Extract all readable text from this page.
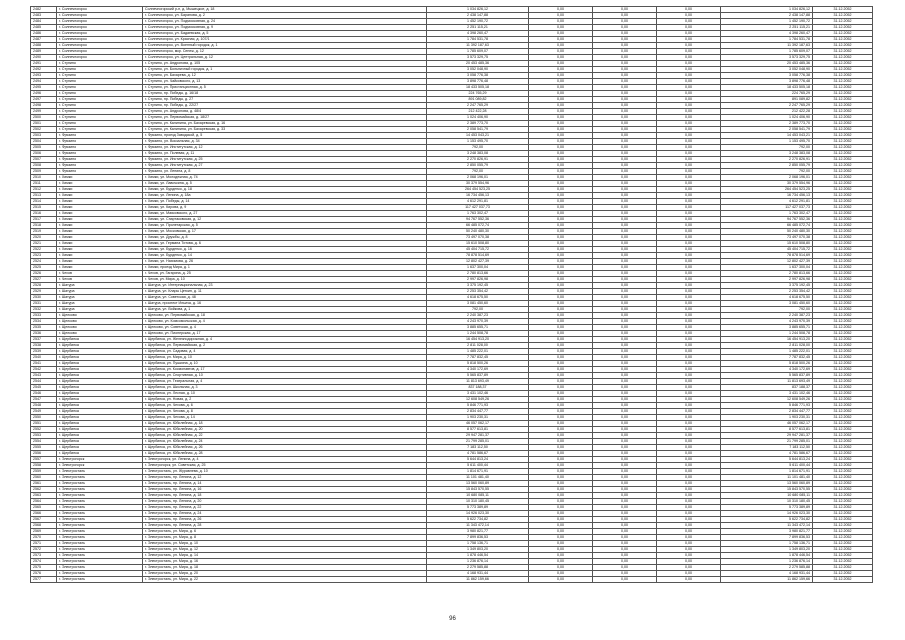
2482	г. Солнечногорск	Солнечногорский р-н, д. Мышецкое, д. 18	1 034 826,12	0,00	0,00	0,00	1 034 826,12	31.12.2052
2483	г. Солнечногорск	г. Солнечногорск, ул. Баранова, д. 2	2 438 147,88	0,00	0,00	0,00	2 438 147,88	31.12.2052
2484	г. Солнечногорск	г. Солнечногорск, ул. Подмосковная, д. 24	1 452 190,72	0,00	0,00	0,00	1 452 190,72	31.12.2052
2485	г. Солнечногорск	г. Солнечногорск, ул. Подмосковная, д. 9	2 251 115,21	0,00	0,00	0,00	2 251 115,21	31.12.2052
2486	г. Солнечногорск	г. Солнечногорск, ул. Бадаевская, д. 5	4 398 260,47	0,00	0,00	0,00	4 398 260,47	31.12.2052
2487	г. Солнечногорск	г. Солнечногорск, ул. Красная, д. 107/1	1 784 531,78	0,00	0,00	0,00	1 784 531,78	31.12.2052
2488	г. Солнечногорск	г. Солнечногорск, ул. Военный городок, д. 1	11 392 187,63	0,00	0,00	0,00	11 392 187,63	31.12.2052
2489	г. Солнечногорск	г. Солнечногорск, мкр. Сенеж, д. 12	1 785 609,07	0,00	0,00	0,00	1 785 609,07	31.12.2052
2490	г. Солнечногорск	г. Солнечногорск, ул. Центральная, д. 12	3 573 329,75	0,00	0,00	0,00	3 573 329,75	31.12.2052
2491	г. Ступино	г. Ступино, ул. Андропова, д. 105	20 453 485,36	0,00	0,00	0,00	20 453 485,36	31.12.2052
2492	г. Ступино	г. Ступино, ул. Больничный городок, д. 1	3 052 048,90	0,00	0,00	0,00	3 052 048,90	31.12.2052
2493	г. Ступино	г. Ступино, ул. Бахарева, д. 12	3 058 776,38	0,00	0,00	0,00	3 058 776,38	31.12.2052
2494	г. Ступино	г. Ступино, ул. Чайковского, д. 13	3 898 776,48	0,00	0,00	0,00	3 898 776,48	31.12.2052
2495	г. Ступино	г. Ступино, ул. Пристанционная, д. 5	18 433 505,18	0,00	0,00	0,00	18 433 505,18	31.12.2052
2496	г. Ступино	г. Ступино, пр. Победы, д. 16/18	224 765,29	0,00	0,00	0,00	224 765,29	31.12.2052
2497	г. Ступино	г. Ступино, пр. Победы, д. 27	891 089,82	0,00	0,00	0,00	891 089,82	31.12.2052
2498	г. Ступино	г. Ступино, пр. Победы, д. 22/27	2 247 765,29	0,00	0,00	0,00	2 247 765,29	31.12.2052
2499	г. Ступино	г. Ступино, ул. Андропова, д. 48/4	212 422,28	0,00	0,00	0,00	212 422,28	31.12.2052
2500	г. Ступино	г. Ступино, ул. Первомайская, д. 18/27	1 024 406,90	0,00	0,00	0,00	1 024 406,90	31.12.2052
2501	г. Ступино	г. Ступино, ул. Калинина, ул. Бахаревская, д. 16	2 389 773,70	0,00	0,00	0,00	2 389 773,70	31.12.2052
2502	г. Ступино	г. Ступино, ул. Калинина, ул. Бахаревская, д. 33	2 058 541,79	0,00	0,00	0,00	2 058 541,79	31.12.2052
2503	г. Фрязино	г. Фрязино, проезд Заводской, д. 5	14 453 043,21	0,00	0,00	0,00	14 453 043,21	31.12.2052
2504	г. Фрязино	г. Фрязино, ул. Вокзальная, д. 34	1 153 495,70	0,00	0,00	0,00	1 153 495,70	31.12.2052
2505	г. Фрязино	г. Фрязино, ул. Институтская, д. 12	792,00	0,00	0,00	0,00	792,00	31.12.2052
2506	г. Фрязино	г. Фрязино, ул. Полевая, д. 11	3 248 383,08	0,00	0,00	0,00	3 248 383,08	31.12.2052
2507	г. Фрязино	г. Фрязино, ул. Институтская, д. 25	2 270 826,91	0,00	0,00	0,00	2 270 826,91	31.12.2052
2508	г. Фрязино	г. Фрязино, ул. Институтская, д. 27	2 850 055,79	0,00	0,00	0,00	2 850 055,79	31.12.2052
2509	г. Фрязино	г. Фрязино, ул. Ленина, д. 8	792,00	0,00	0,00	0,00	792,00	31.12.2052
2510	г. Химки	г. Химки, ул. Молодежная, д. 74	2 068 196,01	0,00	0,00	0,00	2 068 196,01	31.12.2052
2511	г. Химки	г. Химки, ул. Лавочкина, д. 5	30 379 554,96	0,00	0,00	0,00	30 379 554,96	31.12.2052
2512	г. Химки	г. Химки, ул. Бурденко, д. 18	264 454 523,25	0,00	0,00	0,00	264 454 523,25	31.12.2052
2513	г. Химки	г. Химки, ул. Ленина, д. 18а	16 734 456,13	0,00	0,00	0,00	16 734 456,13	31.12.2052
2514	г. Химки	г. Химки, ул. Победы, д. 14	4 612 291,81	0,00	0,00	0,00	4 612 291,81	31.12.2052
2515	г. Химки	г. Химки, ул. Кирова, д. 9	117 427 037,73	0,00	0,00	0,00	117 427 037,73	31.12.2052
2516	г. Химки	г. Химки, ул. Маяковского, д. 27	1 763 302,47	0,00	0,00	0,00	1 763 302,47	31.12.2052
2517	г. Химки	г. Химки, ул. Спартаковская, д. 12	94 767 552,36	0,00	0,00	0,00	94 767 552,36	31.12.2052
2518	г. Химки	г. Химки, ул. Пролетарская, д. 5	66 485 072,74	0,00	0,00	0,00	66 485 072,74	31.12.2052
2519	г. Химки	г. Химки, ул. Московская, д. 17	50 240 480,30	0,00	0,00	0,00	50 240 480,30	31.12.2052
2520	г. Химки	г. Химки, ул. Дружбы, д. 8	73 497 070,38	0,00	0,00	0,00	73 497 070,38	31.12.2052
2521	г. Химки	г. Химки, ул. Германа Титова, д. 6	15 610 508,80	0,00	0,00	0,00	15 610 508,80	31.12.2052
2522	г. Химки	г. Химки, ул. Бурденко, д. 16	45 404 715,72	0,00	0,00	0,00	45 404 715,72	31.12.2052
2523	г. Химки	г. Химки, ул. Бурденко, д. 14	78 878 514,69	0,00	0,00	0,00	78 878 514,69	31.12.2052
2524	г. Химки	г. Химки, ул. Нахимова, д. 26	12 802 427,39	0,00	0,00	0,00	12 802 427,39	31.12.2052
2525	г. Химки	г. Химки, проезд Мира, д. 1	1 637 300,04	0,00	0,00	0,00	1 637 300,04	31.12.2052
2526	г. Чехов	г. Чехов, ул. Гагарина, д. 25	2 780 813,66	0,00	0,00	0,00	2 780 813,66	31.12.2052
2527	г. Чехов	г. Чехов, ул. Мира, д. 10	2 997 826,98	0,00	0,00	0,00	2 997 826,98	31.12.2052
2528	г. Шатура	г. Шатура, ул. Интернациональная, д. 23	3 375 192,45	0,00	0,00	0,00	3 375 192,45	31.12.2052
2529	г. Шатура	г. Шатура, ул. Клары Цеткин, д. 11	2 253 354,42	0,00	0,00	0,00	2 253 354,42	31.12.2052
2530	г. Шатура	г. Шатура, ул. Советская, д. 48	4 618 675,50	0,00	0,00	0,00	4 618 675,50	31.12.2052
2531	г. Шатура	г. Шатура, проспект Ильича, д. 16	3 081 450,60	0,00	0,00	0,00	3 081 450,60	31.12.2052
2532	г. Шатура	г. Шатура, ул. Войкова, д. 1	792,00	0,00	0,00	0,00	792,00	31.12.2052
2533	г. Щелково	г. Щелково, ул. Первомайская, д. 18	2 240 387,23	0,00	0,00	0,00	2 240 387,23	31.12.2052
2534	г. Щелково	г. Щелково, ул. Комсомольская, д. 4	4 243 970,39	0,00	0,00	0,00	4 243 970,39	31.12.2052
2535	г. Щелково	г. Щелково, ул. Советская, д. 4	3 885 655,71	0,00	0,00	0,00	3 885 655,71	31.12.2052
2536	г. Щелково	г. Щелково, ул. Пионерская, д. 17	1 244 508,78	0,00	0,00	0,00	1 244 508,78	31.12.2052
2537	г. Щербинка	г. Щербинка, ул. Железнодорожная, д. 4	16 454 913,20	0,00	0,00	0,00	16 454 913,20	31.12.2052
2538	г. Щербинка	г. Щербинка, ул. Первомайская, д. 2	2 811 028,00	0,00	0,00	0,00	2 811 028,00	31.12.2052
2539	г. Щербинка	г. Щербинка, ул. Садовая, д. 4	1 485 222,01	0,00	0,00	0,00	1 485 222,01	31.12.2052
2540	г. Щербинка	г. Щербинка, ул. Мира, д. 10	7 787 832,45	0,00	0,00	0,00	7 787 832,45	31.12.2052
2541	г. Щербинка	г. Щербинка, ул. Пушкина, д. 10	5 818 500,26	0,00	0,00	0,00	5 818 500,26	31.12.2052
2542	г. Щербинка	г. Щербинка, ул. Космонавтов, д. 17	4 340 172,69	0,00	0,00	0,00	4 340 172,69	31.12.2052
2543	г. Щербинка	г. Щербинка, ул. Спортивная, д. 10	5 565 837,89	0,00	0,00	0,00	5 565 837,89	31.12.2052
2544	г. Щербинка	г. Щербинка, ул. Театральная, д. 4	11 813 693,49	0,00	0,00	0,00	11 813 693,49	31.12.2052
2545	г. Щербинка	г. Щербинка, ул. Школьная, д. 3	837 188,37	0,00	0,00	0,00	837 188,37	31.12.2052
2546	г. Щербинка	г. Щербинка, ул. Лесная, д. 10	3 431 102,46	0,00	0,00	0,00	3 431 102,46	31.12.2052
2547	г. Щербинка	г. Щербинка, ул. Новая, д. 2	12 608 549,26	0,00	0,00	0,00	12 608 549,26	31.12.2052
2548	г. Щербинка	г. Щербинка, ул. Чехова, д. 6	5 846 771,93	0,00	0,00	0,00	5 846 771,93	31.12.2052
2549	г. Щербинка	г. Щербинка, ул. Чехова, д. 8	2 834 447,77	0,00	0,00	0,00	2 834 447,77	31.12.2052
2550	г. Щербинка	г. Щербинка, ул. Чехова, д. 14	1 903 230,31	0,00	0,00	0,00	1 903 230,31	31.12.2052
2551	г. Щербинка	г. Щербинка, ул. Юбилейная, д. 18	46 057 062,17	0,00	0,00	0,00	46 057 062,17	31.12.2052
2552	г. Щербинка	г. Щербинка, ул. Юбилейная, д. 20	8 577 613,81	0,00	0,00	0,00	8 577 613,81	31.12.2052
2553	г. Щербинка	г. Щербинка, ул. Юбилейная, д. 22	29 947 281,37	0,00	0,00	0,00	29 947 281,37	31.12.2052
2554	г. Щербинка	г. Щербинка, ул. Юбилейная, д. 24	21 799 285,01	0,00	0,00	0,00	21 799 285,01	31.12.2052
2555	г. Щербинка	г. Щербинка, ул. Юбилейная, д. 26	7 183 112,50	0,00	0,00	0,00	7 183 112,50	31.12.2052
2556	г. Щербинка	г. Щербинка, ул. Юбилейная, д. 28	4 781 586,67	0,00	0,00	0,00	4 781 586,67	31.12.2052
2557	г. Электрогорск	г. Электрогорск, ул. Ленина, д. 4	5 644 813,24	0,00	0,00	0,00	5 644 813,24	31.12.2052
2558	г. Электрогорск	г. Электрогорск, ул. Советская, д. 25	5 611 400,44	0,00	0,00	0,00	5 611 400,44	31.12.2052
2559	г. Электросталь	г. Электросталь, ул. Журавлева, д. 10	1 814 671,91	0,00	0,00	0,00	1 814 671,91	31.12.2052
2560	г. Электросталь	г. Электросталь, пр. Ленина, д. 12	11 101 481,40	0,00	0,00	0,00	11 101 481,40	31.12.2052
2561	г. Электросталь	г. Электросталь, пр. Ленина, д. 14	13 560 060,89	0,00	0,00	0,00	13 560 060,89	31.12.2052
2562	г. Электросталь	г. Электросталь, пр. Ленина, д. 16	15 843 570,55	0,00	0,00	0,00	15 843 570,55	31.12.2052
2563	г. Электросталь	г. Электросталь, пр. Ленина, д. 18	10 680 085,11	0,00	0,00	0,00	10 680 085,11	31.12.2052
2564	г. Электросталь	г. Электросталь, пр. Ленина, д. 20	10 310 180,45	0,00	0,00	0,00	10 310 180,45	31.12.2052
2565	г. Электросталь	г. Электросталь, пр. Ленина, д. 22	5 773 389,89	0,00	0,00	0,00	5 773 389,89	31.12.2052
2566	г. Электросталь	г. Электросталь, пр. Ленина, д. 24	14 926 023,30	0,00	0,00	0,00	14 926 023,30	31.12.2052
2567	г. Электросталь	г. Электросталь, пр. Ленина, д. 26	5 622 734,82	0,00	0,00	0,00	5 622 734,82	31.12.2052
2568	г. Электросталь	г. Электросталь, пр. Ленина, д. 28	11 343 472,14	0,00	0,00	0,00	11 343 472,14	31.12.2052
2569	г. Электросталь	г. Электросталь, ул. Мира, д. 6	3 980 821,77	0,00	0,00	0,00	3 980 821,77	31.12.2052
2570	г. Электросталь	г. Электросталь, ул. Мира, д. 8	7 899 836,53	0,00	0,00	0,00	7 899 836,53	31.12.2052
2571	г. Электросталь	г. Электросталь, ул. Мира, д. 10	1 758 136,71	0,00	0,00	0,00	1 758 136,71	31.12.2052
2572	г. Электросталь	г. Электросталь, ул. Мира, д. 12	1 349 803,20	0,00	0,00	0,00	1 349 803,20	31.12.2052
2573	г. Электросталь	г. Электросталь, ул. Мира, д. 14	1 878 446,54	0,00	0,00	0,00	1 878 446,54	31.12.2052
2574	г. Электросталь	г. Электросталь, ул. Мира, д. 16	1 236 876,14	0,00	0,00	0,00	1 236 876,14	31.12.2052
2575	г. Электросталь	г. Электросталь, ул. Мира, д. 18	2 279 585,88	0,00	0,00	0,00	2 279 585,88	31.12.2052
2576	г. Электросталь	г. Электросталь, ул. Мира, д. 20	4 168 931,44	0,00	0,00	0,00	4 168 931,44	31.12.2052
2577	г. Электросталь	г. Электросталь, ул. Мира, д. 22	11 862 159,66	0,00	0,00	0,00	11 862 159,66	31.12.2052
96
